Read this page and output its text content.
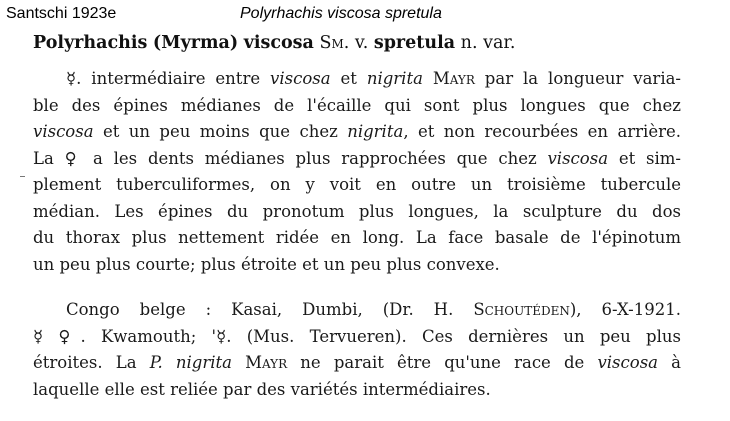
Santschi 1923e	Polyrhachis viscosa spretula
Polyrhachis (Myrma) viscosa Sm. v. spretula n. var.
☿. intermédiaire entre viscosa et nigrita Mayr par la longueur varia-
ble des épines médianes de l'écaille qui sont plus longues que chez
viscosa et un peu moins que chez nigrita, et non recourbées en arrière.
La ♀ a les dents médianes plus rapprochées que chez viscosa et sim-
plement tuberculiformes, on y voit en outre un troisième tubercule
médian. Les épines du pronotum plus longues, la sculpture du dos
du thorax plus nettement ridée en long. La face basale de l'épinotum
un peu plus courte; plus étroite et un peu plus convexe.
Congo belge : Kasai, Dumbi, (Dr. H. Schoutéden), 6-X-1921.
☿ ♀. Kwamouth; '☿. (Mus. Tervueren). Ces dernières un peu plus
étroites. La P. nigrita Mayr ne parait être qu'une race de viscosa à
laquelle elle est reliée par des variétés intermédiaires.
